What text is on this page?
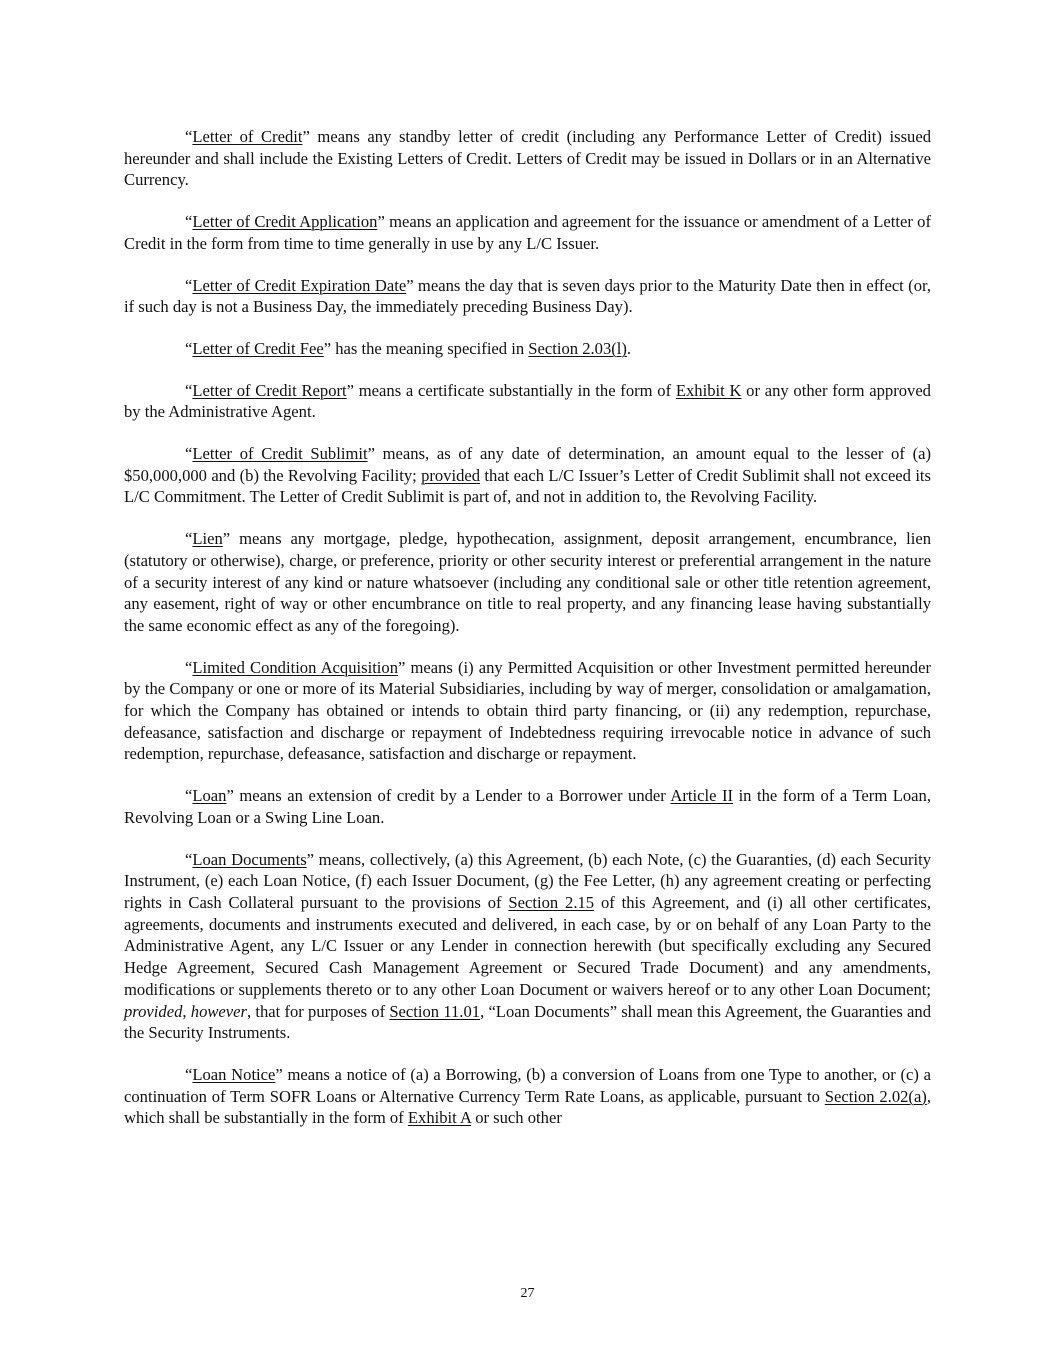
“Letter of Credit” means any standby letter of credit (including any Performance Letter of Credit) issued hereunder and shall include the Existing Letters of Credit. Letters of Credit may be issued in Dollars or in an Alternative Currency.

“Letter of Credit Application” means an application and agreement for the issuance or amendment of a Letter of Credit in the form from time to time generally in use by any L/C Issuer.

“Letter of Credit Expiration Date” means the day that is seven days prior to the Maturity Date then in effect (or, if such day is not a Business Day, the immediately preceding Business Day).

“Letter of Credit Fee” has the meaning specified in Section 2.03(l).

“Letter of Credit Report” means a certificate substantially in the form of Exhibit K or any other form approved by the Administrative Agent.

“Letter of Credit Sublimit” means, as of any date of determination, an amount equal to the lesser of (a) $50,000,000 and (b) the Revolving Facility; provided that each L/C Issuer’s Letter of Credit Sublimit shall not exceed its L/C Commitment. The Letter of Credit Sublimit is part of, and not in addition to, the Revolving Facility.

“Lien” means any mortgage, pledge, hypothecation, assignment, deposit arrangement, encumbrance, lien (statutory or otherwise), charge, or preference, priority or other security interest or preferential arrangement in the nature of a security interest of any kind or nature whatsoever (including any conditional sale or other title retention agreement, any easement, right of way or other encumbrance on title to real property, and any financing lease having substantially the same economic effect as any of the foregoing).

“Limited Condition Acquisition” means (i) any Permitted Acquisition or other Investment permitted hereunder by the Company or one or more of its Material Subsidiaries, including by way of merger, consolidation or amalgamation, for which the Company has obtained or intends to obtain third party financing, or (ii) any redemption, repurchase, defeasance, satisfaction and discharge or repayment of Indebtedness requiring irrevocable notice in advance of such redemption, repurchase, defeasance, satisfaction and discharge or repayment.

“Loan” means an extension of credit by a Lender to a Borrower under Article II in the form of a Term Loan, Revolving Loan or a Swing Line Loan.

“Loan Documents” means, collectively, (a) this Agreement, (b) each Note, (c) the Guaranties, (d) each Security Instrument, (e) each Loan Notice, (f) each Issuer Document, (g) the Fee Letter, (h) any agreement creating or perfecting rights in Cash Collateral pursuant to the provisions of Section 2.15 of this Agreement, and (i) all other certificates, agreements, documents and instruments executed and delivered, in each case, by or on behalf of any Loan Party to the Administrative Agent, any L/C Issuer or any Lender in connection herewith (but specifically excluding any Secured Hedge Agreement, Secured Cash Management Agreement or Secured Trade Document) and any amendments, modifications or supplements thereto or to any other Loan Document or waivers hereof or to any other Loan Document; provided, however, that for purposes of Section 11.01, “Loan Documents” shall mean this Agreement, the Guaranties and the Security Instruments.

“Loan Notice” means a notice of (a) a Borrowing, (b) a conversion of Loans from one Type to another, or (c) a continuation of Term SOFR Loans or Alternative Currency Term Rate Loans, as applicable, pursuant to Section 2.02(a), which shall be substantially in the form of Exhibit A or such other

27
